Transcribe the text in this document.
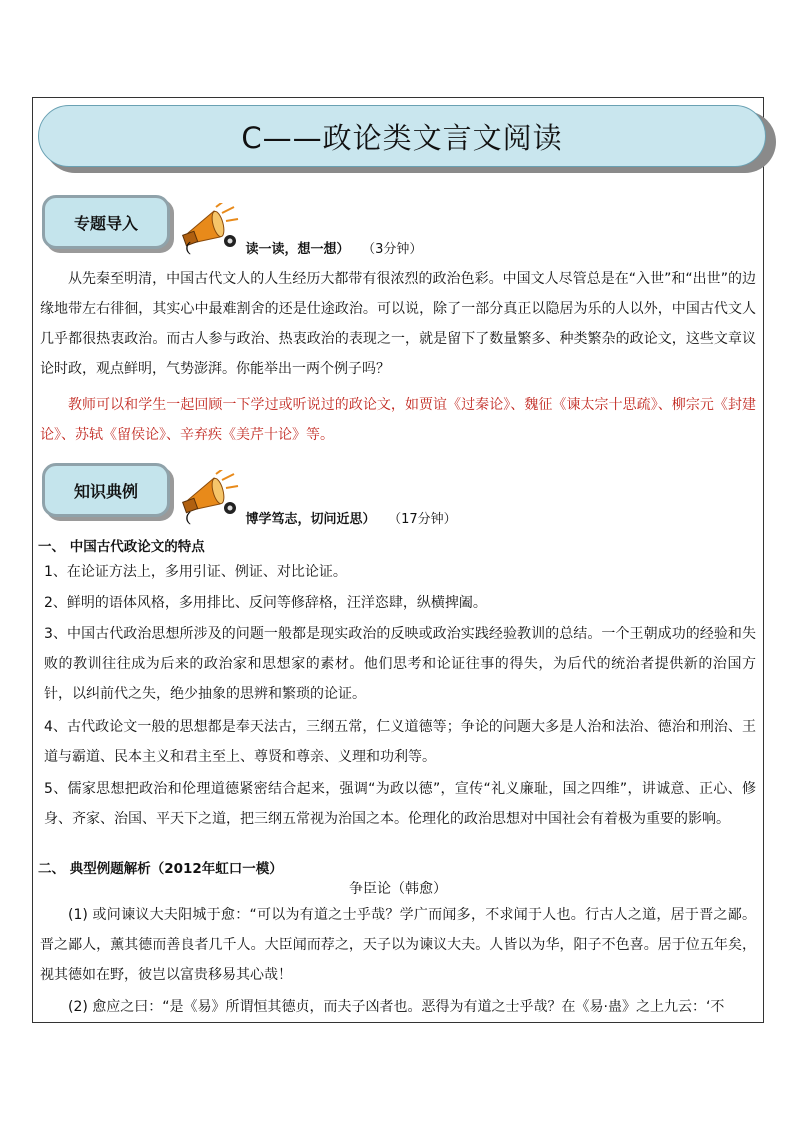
C——政论类文言文阅读
专题导入
（	读一读，想一想） （3分钟）
从先秦至明清，中国古代文人的人生经历大都带有很浓烈的政治色彩。中国文人尽管总是在“入世”和“出世”的边缘地带左右徘徊，其实心中最难割舍的还是仕途政治。可以说，除了一部分真正以隐居为乐的人以外，中国古代文人几乎都很热衷政治。而古人参与政治、热衷政治的表现之一，就是留下了数量繁多、种类繁杂的政论文，这些文章议论时政，观点鲜明，气势澎湃。你能举出一两个例子吗？
教师可以和学生一起回顾一下学过或听说过的政论文，如贾谊《过秦论》、魏征《谏太宗十思疏》、柳宗元《封建论》、苏轼《留侯论》、辛弃疾《美芹十论》等。
知识典例
（	博学笃志，切问近思） （17分钟）
一、 中国古代政论文的特点
1、在论证方法上，多用引证、例证、对比论证。
2、鲜明的语体风格，多用排比、反问等修辞格，汪洋恣肆，纵横捭阖。
3、中国古代政治思想所涉及的问题一般都是现实政治的反映或政治实践经验教训的总结。一个王朝成功的经验和失败的教训往往成为后来的政治家和思想家的素材。他们思考和论证往事的得失，为后代的统治者提供新的治国方针，以纠前代之失，绝少抽象的思辨和繁琐的论证。
4、古代政论文一般的思想都是奉天法古，三纲五常，仁义道德等；争论的问题大多是人治和法治、德治和刑治、王道与霸道、民本主义和君主至上、尊贤和尊亲、义理和功利等。
5、儒家思想把政治和伦理道德紧密结合起来，强调“为政以德”，宣传“礼义廉耻，国之四维”，讲诚意、正心、修身、齐家、治国、平天下之道，把三纲五常视为治国之本。伦理化的政治思想对中国社会有着极为重要的影响。
二、 典型例题解析（2012年虹口一模）
争臣论（韩愈）
(1) 或问谏议大夫阳城于愈：“可以为有道之士乎哉？学广而闻多，不求闻于人也。行古人之道，居于晋之鄙。晋之鄙人，薰其德而善良者几千人。大臣闻而荐之，天子以为谏议大夫。人皆以为华，阳子不色喜。居于位五年矣，视其德如在野，彼岂以富贵移易其心哉！
(2) 愈应之曰：“是《易》所谓恒其德贞，而夫子凶者也。恶得为有道之士乎哉？在《易·蛊》之上九云：‘不
